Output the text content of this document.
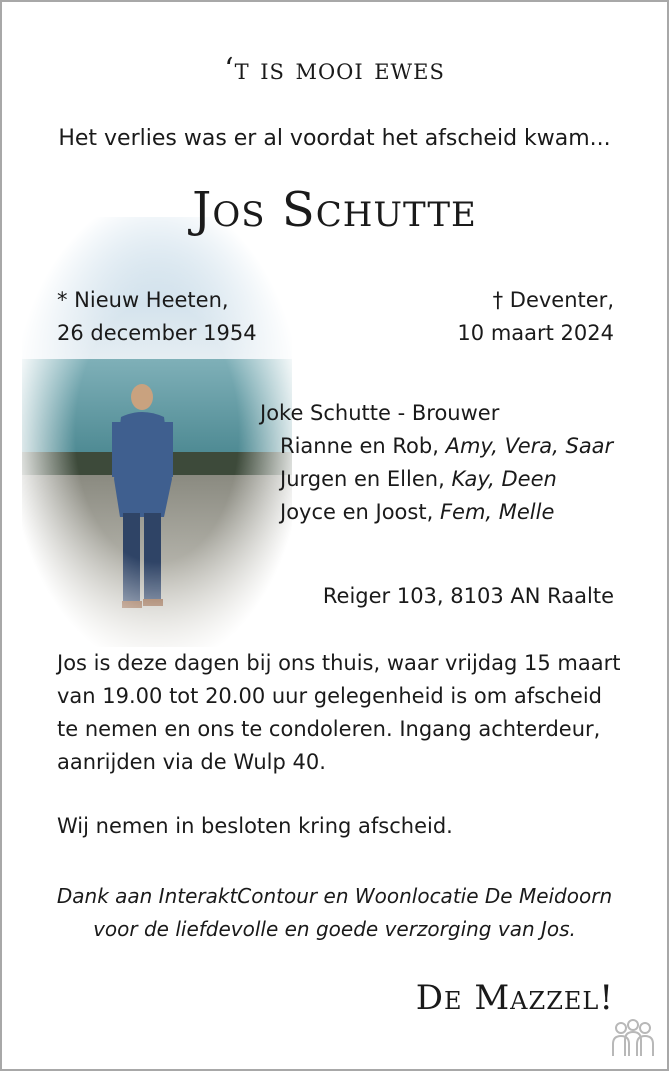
‘t is mooi ewes
Het verlies was er al voordat het afscheid kwam...
Jos Schutte
* Nieuw Heeten,
26 december 1954
† Deventer,
10 maart 2024
Joke Schutte - Brouwer
Rianne en Rob, Amy, Vera, Saar
Jurgen en Ellen, Kay, Deen
Joyce en Joost, Fem, Melle
Reiger 103, 8103 AN Raalte
Jos is deze dagen bij ons thuis, waar vrijdag 15 maart
van 19.00 tot 20.00 uur gelegenheid is om afscheid
te nemen en ons te condoleren. Ingang achterdeur,
aanrijden via de Wulp 40.
Wij nemen in besloten kring afscheid.
Dank aan InteraktContour en Woonlocatie De Meidoorn
voor de liefdevolle en goede verzorging van Jos.
De Mazzel!
